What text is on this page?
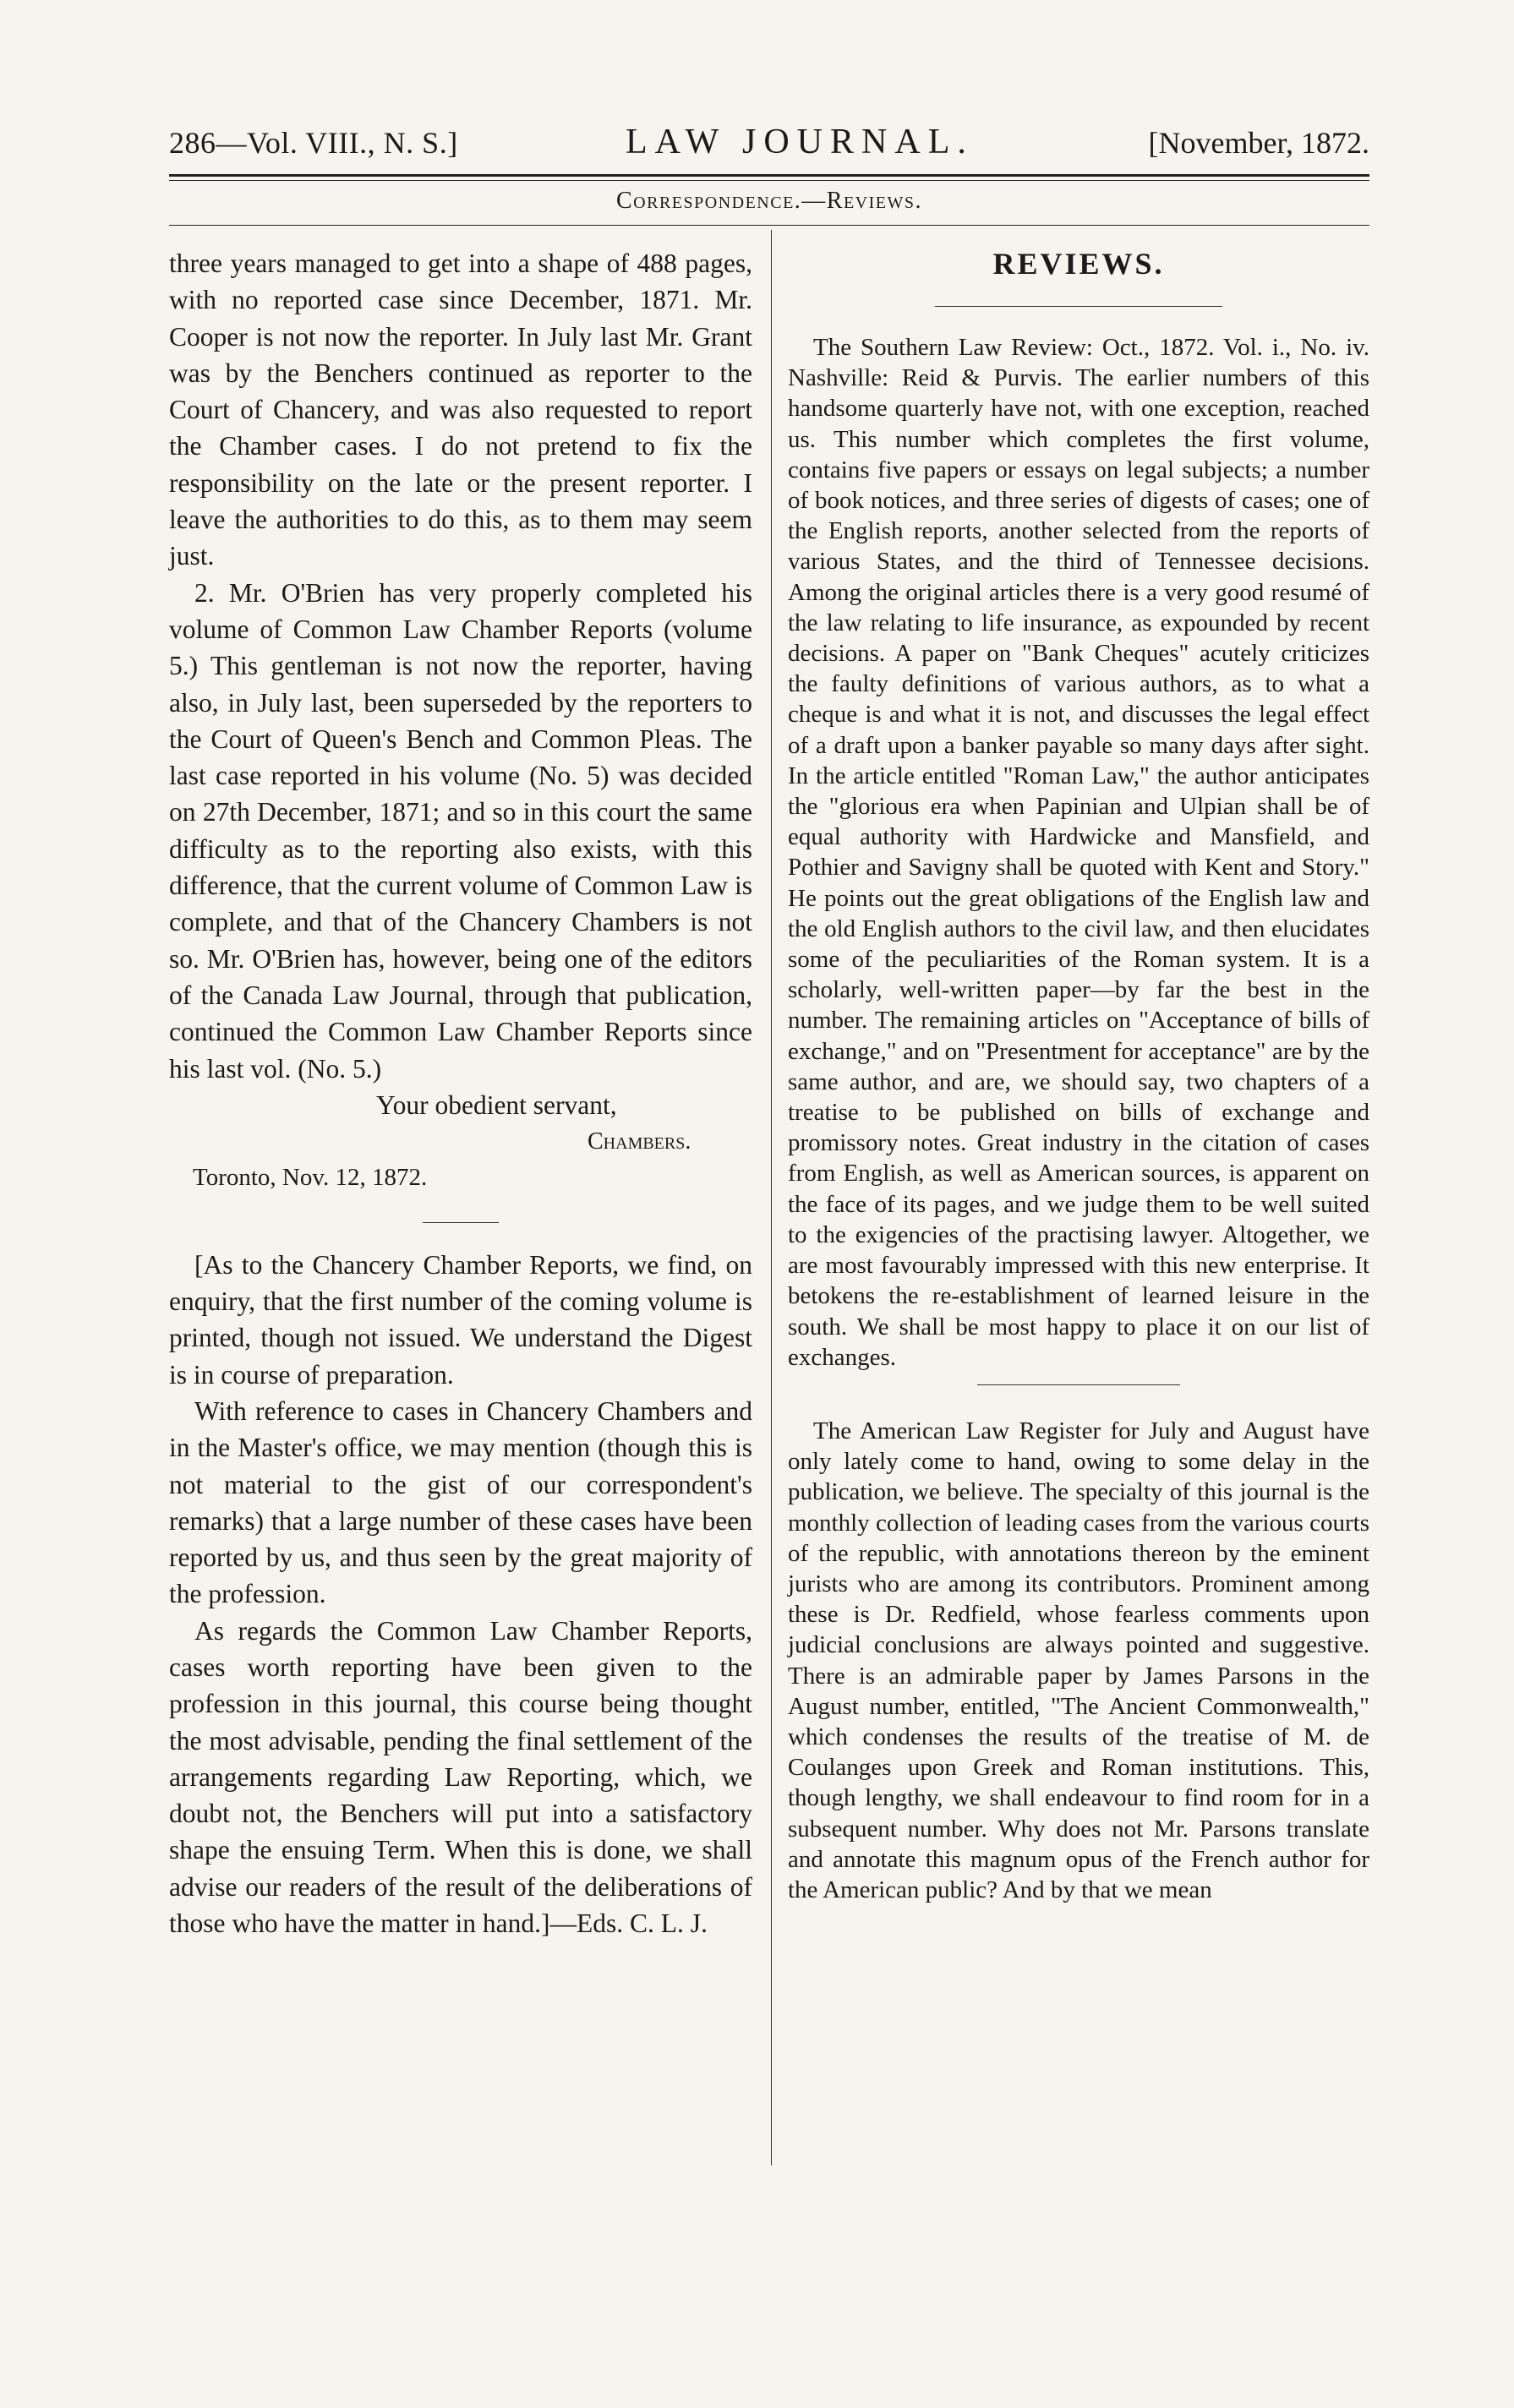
286—Vol. VIII., N. S.]	LAW JOURNAL.	[November, 1872.
Correspondence.—Reviews.

three years managed to get into a shape of 488 pages, with no reported case since December, 1871. Mr. Cooper is not now the reporter. In July last Mr. Grant was by the Benchers continued as reporter to the Court of Chancery, and was also requested to report the Chamber cases. I do not pretend to fix the responsibility on the late or the present reporter. I leave the authorities to do this, as to them may seem just.

2. Mr. O'Brien has very properly completed his volume of Common Law Chamber Reports (volume 5.) This gentleman is not now the reporter, having also, in July last, been superseded by the reporters to the Court of Queen's Bench and Common Pleas. The last case reported in his volume (No. 5) was decided on 27th December, 1871; and so in this court the same difficulty as to the reporting also exists, with this difference, that the current volume of Common Law is complete, and that of the Chancery Chambers is not so. Mr. O'Brien has, however, being one of the editors of the Canada Law Journal, through that publication, continued the Common Law Chamber Reports since his last vol. (No. 5.)

Your obedient servant,
Chambers.
Toronto, Nov. 12, 1872.

[As to the Chancery Chamber Reports, we find, on enquiry, that the first number of the coming volume is printed, though not issued. We understand the Digest is in course of preparation.

With reference to cases in Chancery Chambers and in the Master's office, we may mention (though this is not material to the gist of our correspondent's remarks) that a large number of these cases have been reported by us, and thus seen by the great majority of the profession.

As regards the Common Law Chamber Reports, cases worth reporting have been given to the profession in this journal, this course being thought the most advisable, pending the final settlement of the arrangements regarding Law Reporting, which, we doubt not, the Benchers will put into a satisfactory shape the ensuing Term. When this is done, we shall advise our readers of the result of the deliberations of those who have the matter in hand.]—Eds. C. L. J.

REVIEWS.

The Southern Law Review: Oct., 1872. Vol. i., No. iv. Nashville: Reid & Purvis. The earlier numbers of this handsome quarterly have not, with one exception, reached us. This number which completes the first volume, contains five papers or essays on legal subjects; a number of book notices, and three series of digests of cases; one of the English reports, another selected from the reports of various States, and the third of Tennessee decisions. Among the original articles there is a very good resumé of the law relating to life insurance, as expounded by recent decisions. A paper on "Bank Cheques" acutely criticizes the faulty definitions of various authors, as to what a cheque is and what it is not, and discusses the legal effect of a draft upon a banker payable so many days after sight. In the article entitled "Roman Law," the author anticipates the "glorious era when Papinian and Ulpian shall be of equal authority with Hardwicke and Mansfield, and Pothier and Savigny shall be quoted with Kent and Story." He points out the great obligations of the English law and the old English authors to the civil law, and then elucidates some of the peculiarities of the Roman system. It is a scholarly, well-written paper—by far the best in the number. The remaining articles on "Acceptance of bills of exchange," and on "Presentment for acceptance" are by the same author, and are, we should say, two chapters of a treatise to be published on bills of exchange and promissory notes. Great industry in the citation of cases from English, as well as American sources, is apparent on the face of its pages, and we judge them to be well suited to the exigencies of the practising lawyer. Altogether, we are most favourably impressed with this new enterprise. It betokens the re-establishment of learned leisure in the south. We shall be most happy to place it on our list of exchanges.

The American Law Register for July and August have only lately come to hand, owing to some delay in the publication, we believe. The specialty of this journal is the monthly collection of leading cases from the various courts of the republic, with annotations thereon by the eminent jurists who are among its contributors. Prominent among these is Dr. Redfield, whose fearless comments upon judicial conclusions are always pointed and suggestive. There is an admirable paper by James Parsons in the August number, entitled, "The Ancient Commonwealth," which condenses the results of the treatise of M. de Coulanges upon Greek and Roman institutions. This, though lengthy, we shall endeavour to find room for in a subsequent number. Why does not Mr. Parsons translate and annotate this magnum opus of the French author for the American public? And by that we mean
